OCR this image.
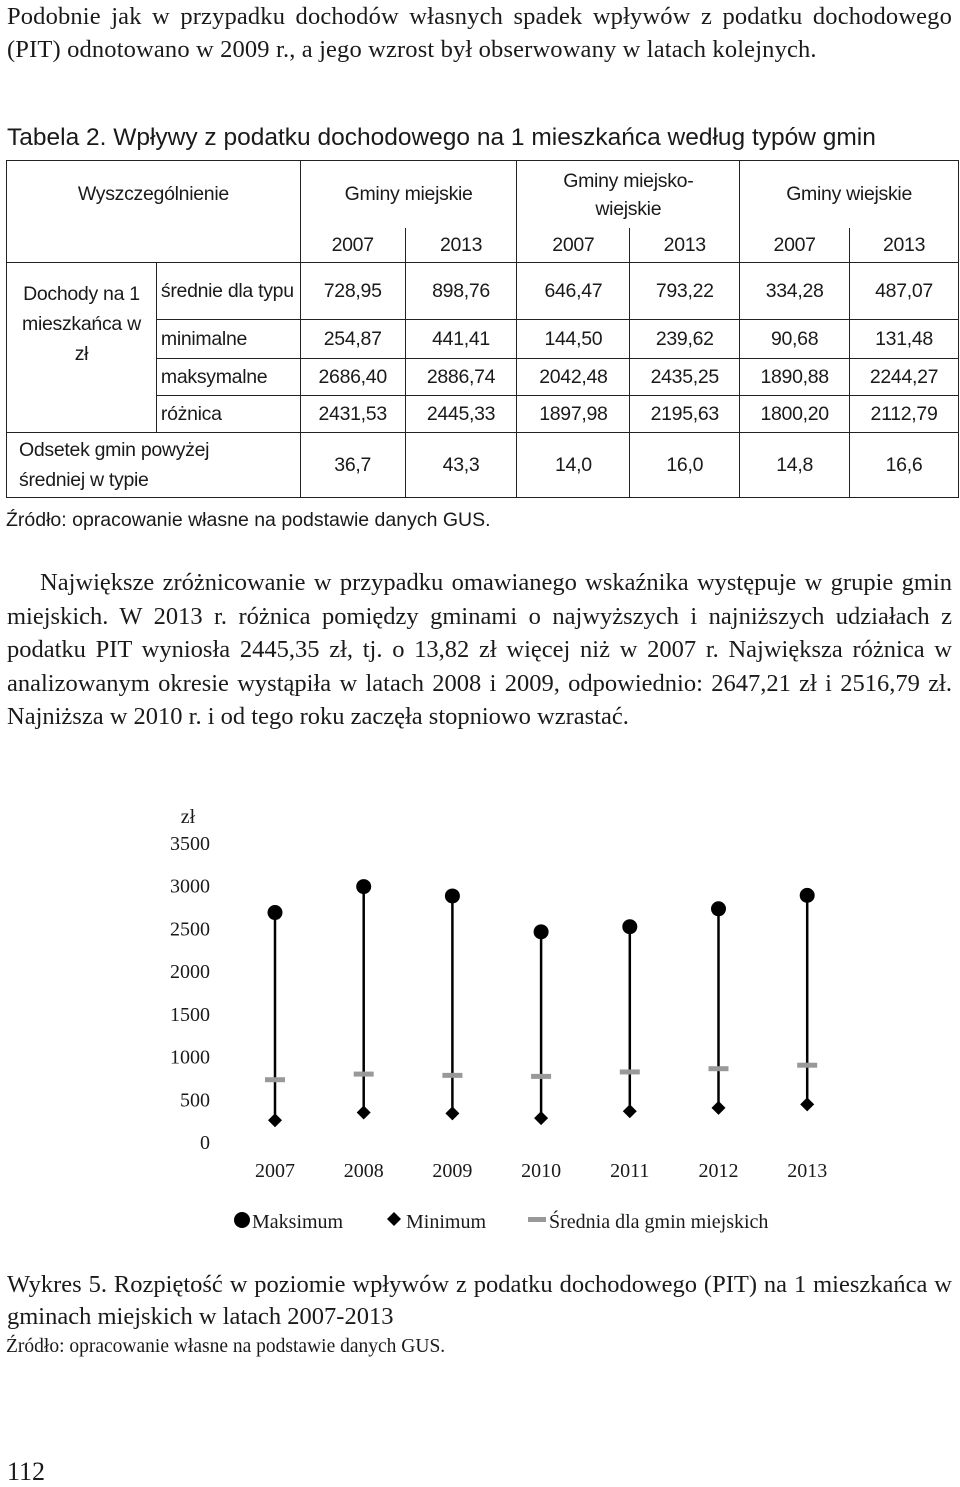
Podobnie jak w przypadku dochodów własnych spadek wpływów z podatku dochodowego (PIT) odnotowano w 2009 r., a jego wzrost był obserwowany w latach kolejnych.
Tabela 2. Wpływy z podatku dochodowego na 1 mieszkańca według typów gmin
Wyszczególnienie		Gminy miejskie		Gminy miejsko-wiejskie		Gminy wiejskie	
		2007	2013	2007	2013	2007	2013
Dochody na 1 mieszkańca w zł	średnie dla typu	728,95	898,76	646,47	793,22	334,28	487,07
	minimalne	254,87	441,41	144,50	239,62	90,68	131,48
	maksymalne	2686,40	2886,74	2042,48	2435,25	1890,88	2244,27
	różnica	2431,53	2445,33	1897,98	2195,63	1800,20	2112,79
Odsetek gmin powyżej średniej w typie		36,7	43,3	14,0	16,0	14,8	16,6
Źródło: opracowanie własne na podstawie danych GUS.
Największe zróżnicowanie w przypadku omawianego wskaźnika występuje w grupie gmin miejskich. W 2013 r. różnica pomiędzy gminami o najwyższych i najniższych udziałach z podatku PIT wyniosła 2445,35 zł, tj. o 13,82 zł więcej niż w 2007 r. Największa różnica w analizowanym okresie wystąpiła w latach 2008 i 2009, odpowiednio: 2647,21 zł i 2516,79 zł. Najniższa w 2010 r. i od tego roku zaczęła stopniowo wzrastać.
zł
0
500
1000
1500
2000
2500
3000
3500
2007 2008 2009 2010 2011 2012 2013
Maksimum	Minimum	Średnia dla gmin miejskich
Wykres 5. Rozpiętość w poziomie wpływów z podatku dochodowego (PIT) na 1 mieszkańca w gminach miejskich w latach 2007-2013
Źródło: opracowanie własne na podstawie danych GUS.
112
